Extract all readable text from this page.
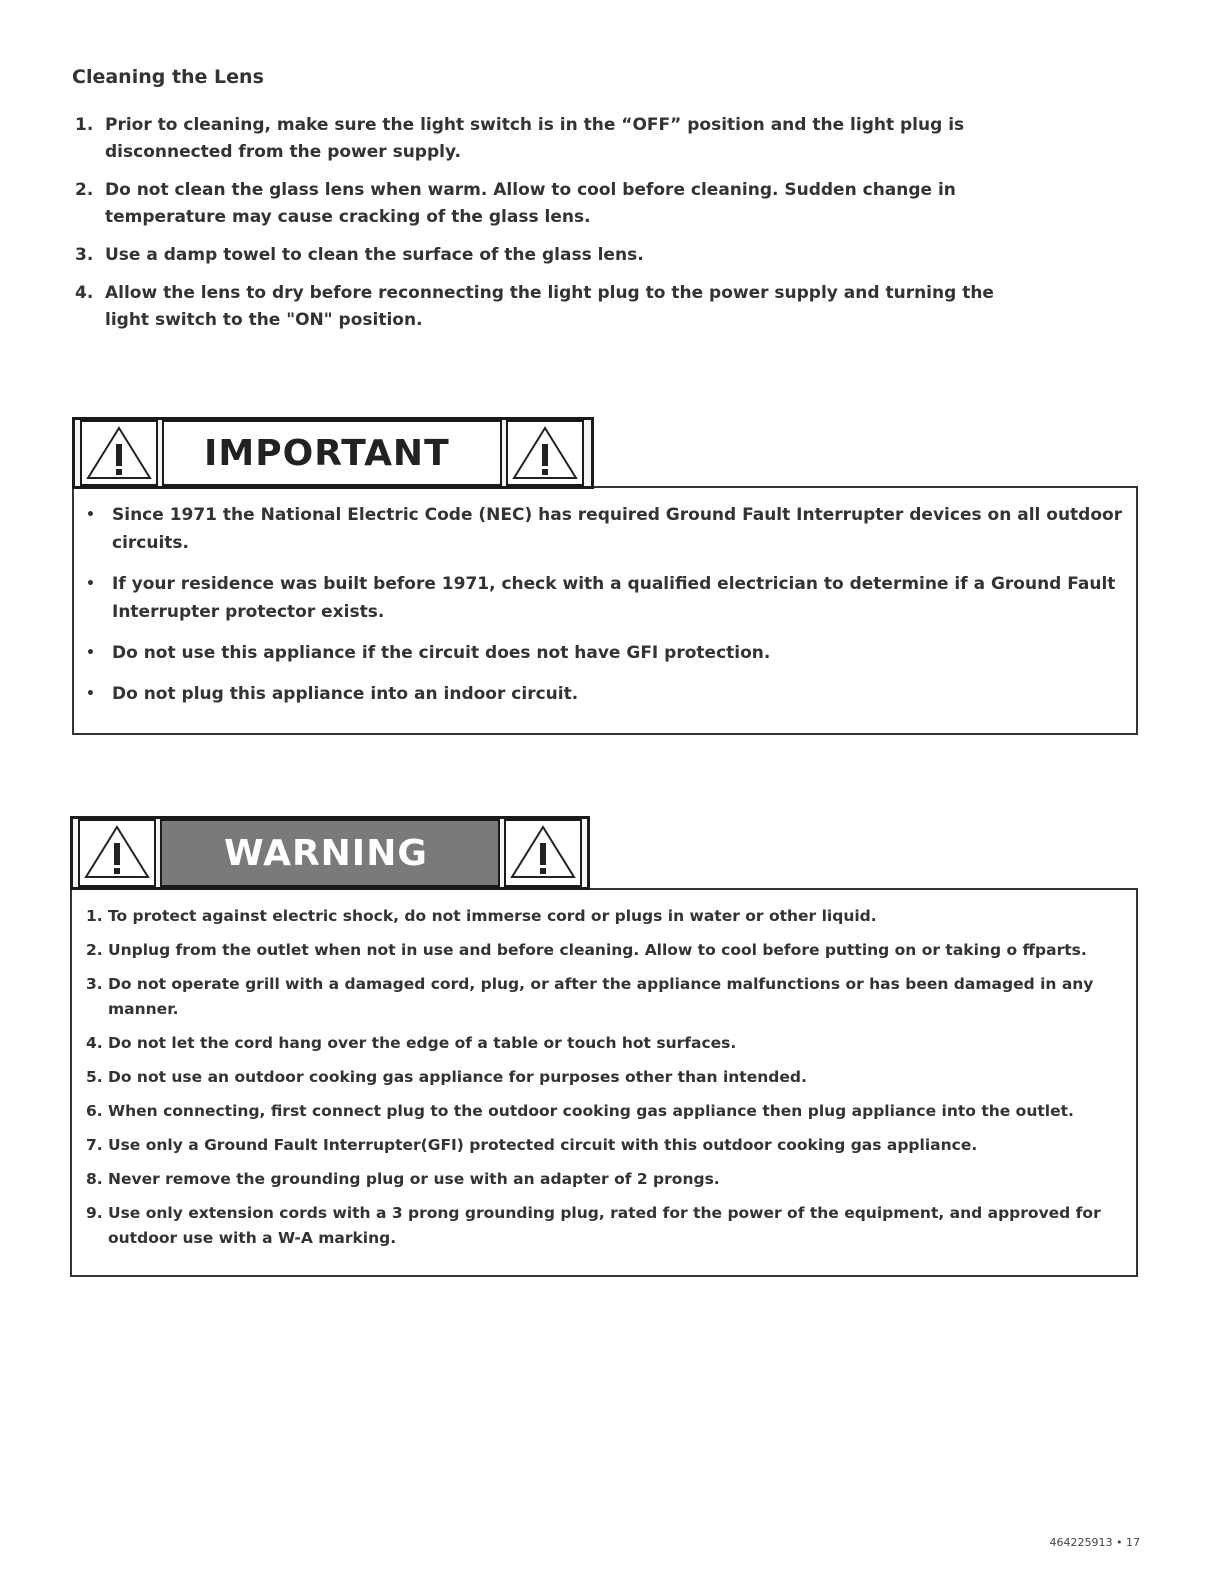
Cleaning the Lens
1. Prior to cleaning, make sure the light switch is in the “OFF” position and the light plug is disconnected from the power supply.
2. Do not clean the glass lens when warm. Allow to cool before cleaning. Sudden change in temperature may cause cracking of the glass lens.
3. Use a damp towel to clean the surface of the glass lens.
4. Allow the lens to dry before reconnecting the light plug to the power supply and turning the light switch to the "ON" position.
IMPORTANT
• Since 1971 the National Electric Code (NEC) has required Ground Fault Interrupter devices on all outdoor circuits.
• If your residence was built before 1971, check with a qualified electrician to determine if a Ground Fault Interrupter protector exists.
• Do not use this appliance if the circuit does not have GFI protection.
• Do not plug this appliance into an indoor circuit.
WARNING
1. To protect against electric shock, do not immerse cord or plugs in water or other liquid.
2. Unplug from the outlet when not in use and before cleaning. Allow to cool before putting on or taking o ffparts.
3. Do not operate grill with a damaged cord, plug, or after the appliance malfunctions or has been damaged in any manner.
4. Do not let the cord hang over the edge of a table or touch hot surfaces.
5. Do not use an outdoor cooking gas appliance for purposes other than intended.
6. When connecting, first connect plug to the outdoor cooking gas appliance then plug appliance into the outlet.
7. Use only a Ground Fault Interrupter(GFI) protected circuit with this outdoor cooking gas appliance.
8. Never remove the grounding plug or use with an adapter of 2 prongs.
9. Use only extension cords with a 3 prong grounding plug, rated for the power of the equipment, and approved for outdoor use with a W-A marking.
464225913 • 17
